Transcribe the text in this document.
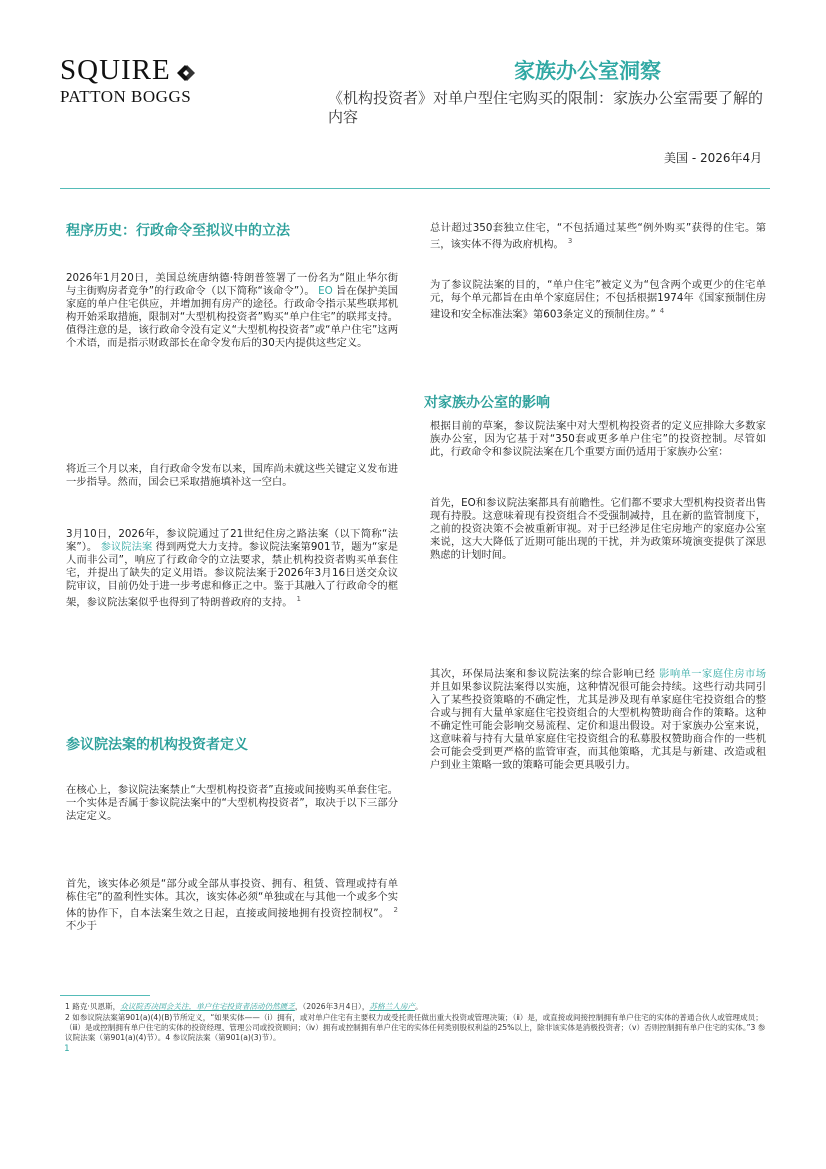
SQUIRE
PATTON BOGGS
家族办公室洞察
《机构投资者》对单户型住宅购买的限制：家族办公室需要了解的内容
美国 - 2026年4月
程序历史：行政命令至拟议中的立法
2026年1月20日，美国总统唐纳德·特朗普签署了一份名为“阻止华尔街与主街购房者竞争”的行政命令（以下简称“该命令”）。 EO 旨在保护美国家庭的单户住宅供应，并增加拥有房产的途径。行政命令指示某些联邦机构开始采取措施，限制对“大型机构投资者”购买“单户住宅”的联邦支持。值得注意的是，该行政命令没有定义“大型机构投资者”或“单户住宅”这两个术语，而是指示财政部长在命令发布后的30天内提供这些定义。
将近三个月以来，自行政命令发布以来，国库尚未就这些关键定义发布进一步指导。然而，国会已采取措施填补这一空白。
3月10日，2026年，参议院通过了21世纪住房之路法案（以下简称“法案”）。 参议院法案 得到两党大力支持。参议院法案第901节，题为“家是人而非公司”，响应了行政命令的立法要求，禁止机构投资者购买单套住宅，并提出了缺失的定义用语。参议院法案于2026年3月16日送交众议院审议，目前仍处于进一步考虑和修正之中。鉴于其融入了行政命令的框架，参议院法案似乎也得到了特朗普政府的支持。 $^1$
参议院法案的机构投资者定义
在核心上，参议院法案禁止“大型机构投资者”直接或间接购买单套住宅。一个实体是否属于参议院法案中的“大型机构投资者”，取决于以下三部分法定定义。
首先，该实体必须是“部分或全部从事投资、拥有、租赁、管理或持有单栋住宅”的盈利性实体。其次，该实体必须“单独或在与其他一个或多个实体的协作下，自本法案生效之日起，直接或间接地拥有投资控制权”。 $^2$ 不少于
总计超过350套独立住宅，“不包括通过某些“例外购买”获得的住宅。第三，该实体不得为政府机构。 $^3$
为了参议院法案的目的，“单户住宅”被定义为“包含两个或更少的住宅单元，每个单元都旨在由单个家庭居住；不包括根据1974年《国家预制住房建设和安全标准法案》第603条定义的预制住房。” $^4$
对家族办公室的影响
根据目前的草案，参议院法案中对大型机构投资者的定义应排除大多数家族办公室，因为它基于对“350套或更多单户住宅”的投资控制。尽管如此，行政命令和参议院法案在几个重要方面仍适用于家族办公室：
首先，EO和参议院法案都具有前瞻性。它们都不要求大型机构投资者出售现有持股。这意味着现有投资组合不受强制减持，且在新的监管制度下，之前的投资决策不会被重新审视。对于已经涉足住宅房地产的家庭办公室来说，这大大降低了近期可能出现的干扰，并为政策环境演变提供了深思熟虑的计划时间。
其次，环保局法案和参议院法案的综合影响已经 影响单一家庭住房市场 并且如果参议院法案得以实施，这种情况很可能会持续。这些行动共同引入了某些投资策略的不确定性，尤其是涉及现有单家庭住宅投资组合的整合或与拥有大量单家庭住宅投资组合的大型机构赞助商合作的策略。这种不确定性可能会影响交易流程、定价和退出假设。对于家族办公室来说，这意味着与持有大量单家庭住宅投资组合的私募股权赞助商合作的一些机会可能会受到更严格的监管审查，而其他策略，尤其是与新建、改造或租户到业主策略一致的策略可能会更具吸引力。
1 路克·贝恩斯，众议院否决国会关注，单户住宅投资者活动仍然匮乏，（2026年3月4日），苏格兰人房产。
2 如参议院法案第901(a)(4)(B)节所定义，“如果实体——（ⅰ）拥有，或对单户住宅有主要权力或受托责任做出重大投资或管理决策；（ⅱ）是，或直接或间接控制拥有单户住宅的实体的普通合伙人或管理成员；（ⅲ）是或控制拥有单户住宅的实体的投资经理、管理公司或投资顾问；（ⅳ）拥有或控制拥有单户住宅的实体任何类别股权利益的25%以上，除非该实体是消极投资者；（ⅴ）否则控制拥有单户住宅的实体。”3 参议院法案（第901(a)(4)节）。4 参议院法案（第901(a)(3)节）。
1
